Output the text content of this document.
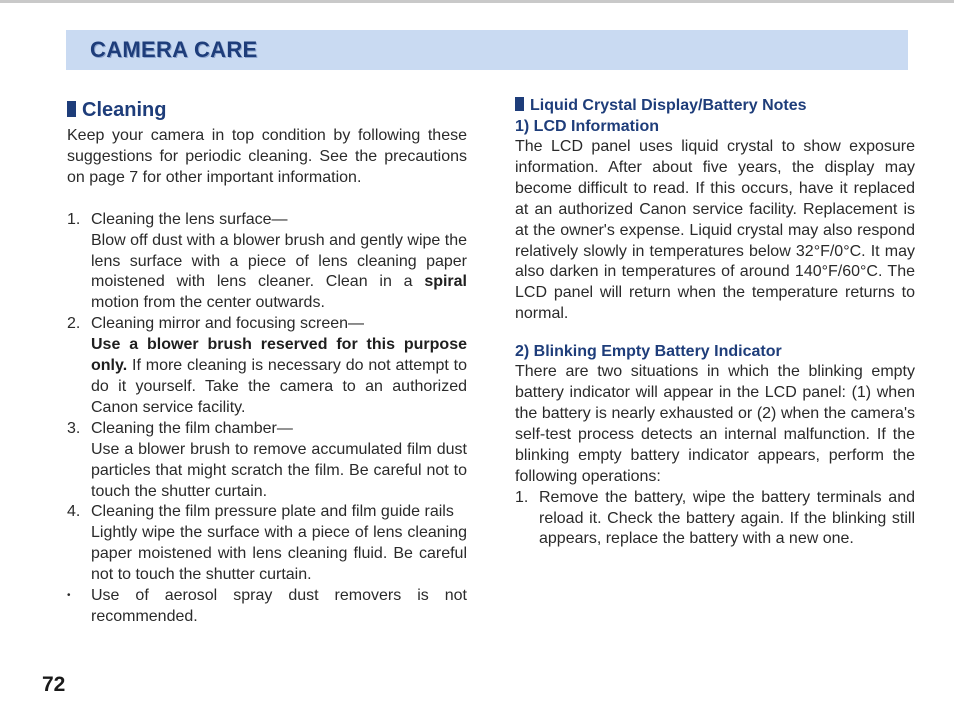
CAMERA CARE
Cleaning

Keep your camera in top condition by following these suggestions for periodic cleaning. See the precautions on page 7 for other important information.

1. Cleaning the lens surface—

Blow off dust with a blower brush and gently wipe the lens surface with a piece of lens cleaning paper moistened with lens cleaner. Clean in a spiral motion from the center outwards.

2. Cleaning mirror and focusing screen—

Use a blower brush reserved for this purpose only. If more cleaning is necessary do not attempt to do it yourself. Take the camera to an authorized Canon service facility.

3. Cleaning the film chamber—

Use a blower brush to remove accumulated film dust particles that might scratch the film. Be careful not to touch the shutter curtain.

4. Cleaning the film pressure plate and film guide rails

Lightly wipe the surface with a piece of lens cleaning paper moistened with lens cleaning fluid. Be careful not to touch the shutter curtain.

•	Use of aerosol spray dust removers is not recommended.
Liquid Crystal Display/Battery Notes
1) LCD Information

The LCD panel uses liquid crystal to show exposure information. After about five years, the display may become difficult to read. If this occurs, have it replaced at an authorized Canon service facility. Replacement is at the owner's expense. Liquid crystal may also respond relatively slowly in temperatures below 32°F/0°C. It may also darken in temperatures of around 140°F/60°C. The LCD panel will return when the temperature returns to normal.

2) Blinking Empty Battery Indicator

There are two situations in which the blinking empty battery indicator will appear in the LCD panel: (1) when the battery is nearly exhausted or (2) when the camera's self-test process detects an internal malfunction. If the blinking empty battery indicator appears, perform the following operations:

1. Remove the battery, wipe the battery terminals and reload it. Check the battery again. If the blinking still appears, replace the battery with a new one.
72
